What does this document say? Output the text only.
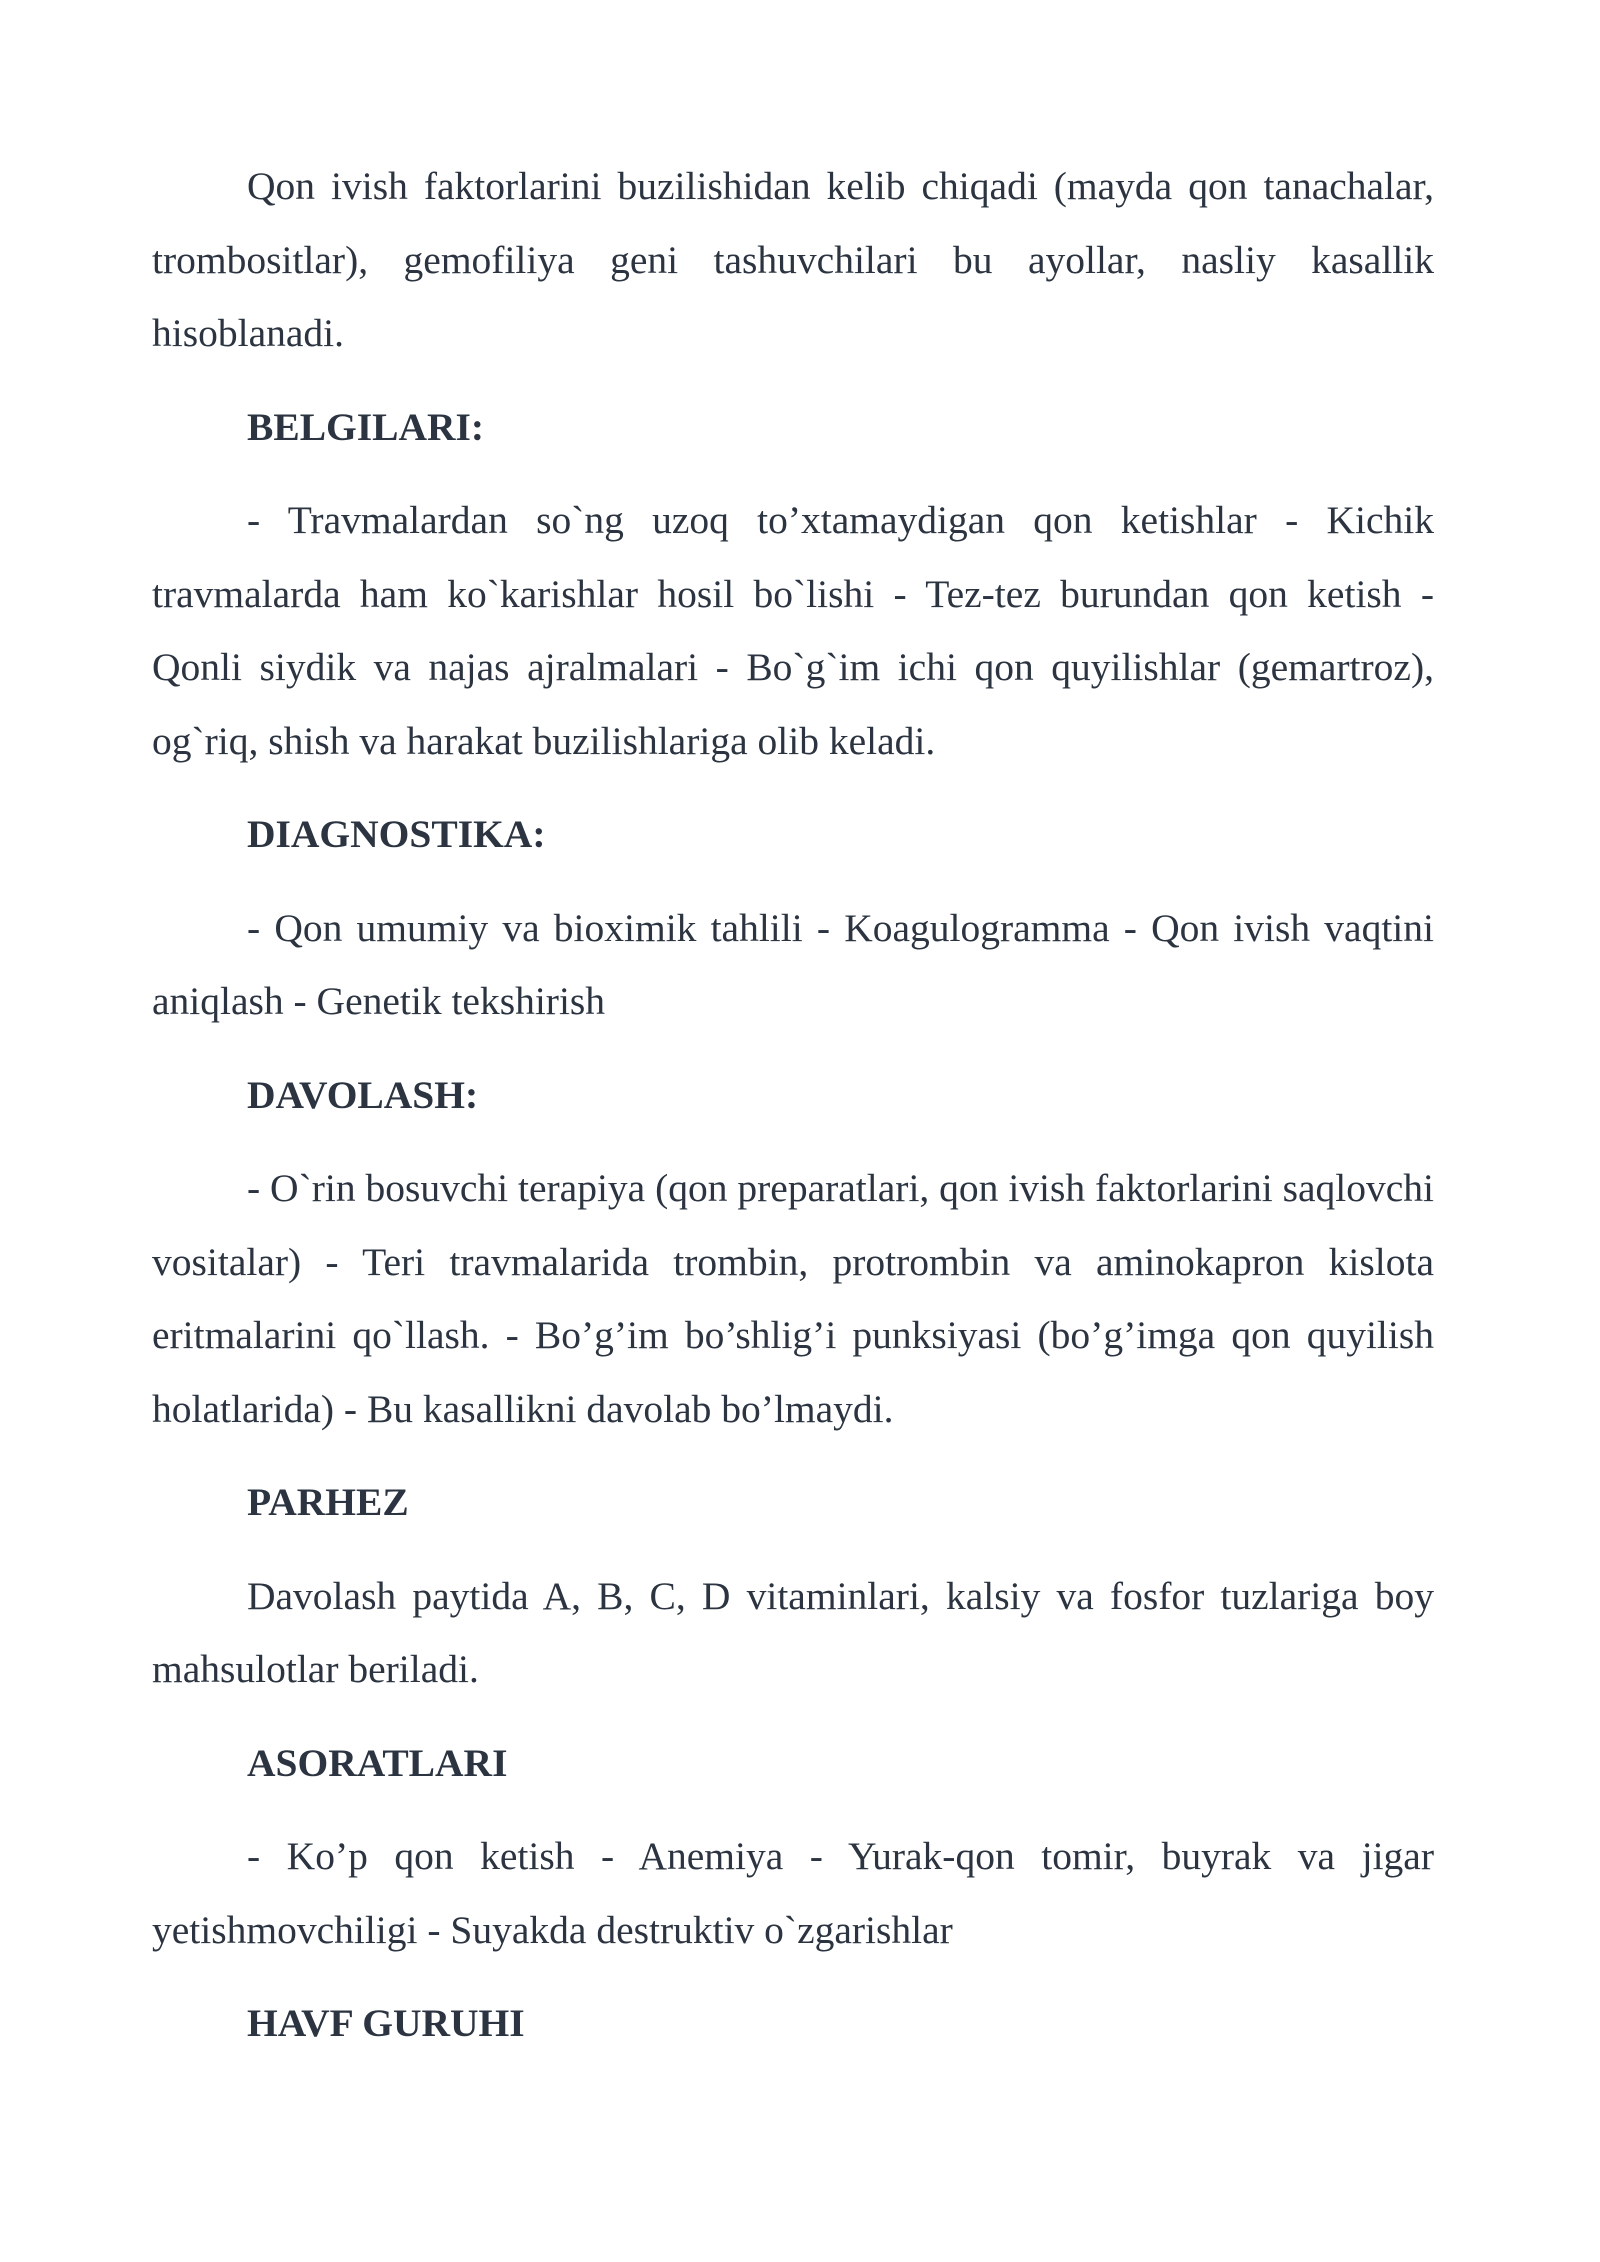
Qon ivish faktorlarini buzilishidan kelib chiqadi (mayda qon tanachalar, trombositlar), gemofiliya geni tashuvchilari bu ayollar, nasliy kasallik hisoblanadi.

BELGILARI:

- Travmalardan so`ng uzoq to’xtamaydigan qon ketishlar - Kichik travmalarda ham ko`karishlar hosil bo`lishi - Tez-tez burundan qon ketish - Qonli siydik va najas ajralmalari - Bo`g`im ichi qon quyilishlar (gemartroz), og`riq, shish va harakat buzilishlariga olib keladi.

DIAGNOSTIKA:

- Qon umumiy va bioximik tahlili - Koagulogramma - Qon ivish vaqtini aniqlash - Genetik tekshirish

DAVOLASH:

- O`rin bosuvchi terapiya (qon preparatlari, qon ivish faktorlarini saqlovchi vositalar) - Teri travmalarida trombin, protrombin va aminokapron kislota eritmalarini qo`llash. - Bo’g’im bo’shlig’i punksiyasi (bo’g’imga qon quyilish holatlarida) - Bu kasallikni davolab bo’lmaydi.

PARHEZ

Davolash paytida A, B, C, D vitaminlari, kalsiy va fosfor tuzlariga boy mahsulotlar beriladi.

ASORATLARI

- Ko’p qon ketish - Anemiya - Yurak-qon tomir, buyrak va jigar yetishmovchiligi - Suyakda destruktiv o`zgarishlar

HAVF GURUHI
